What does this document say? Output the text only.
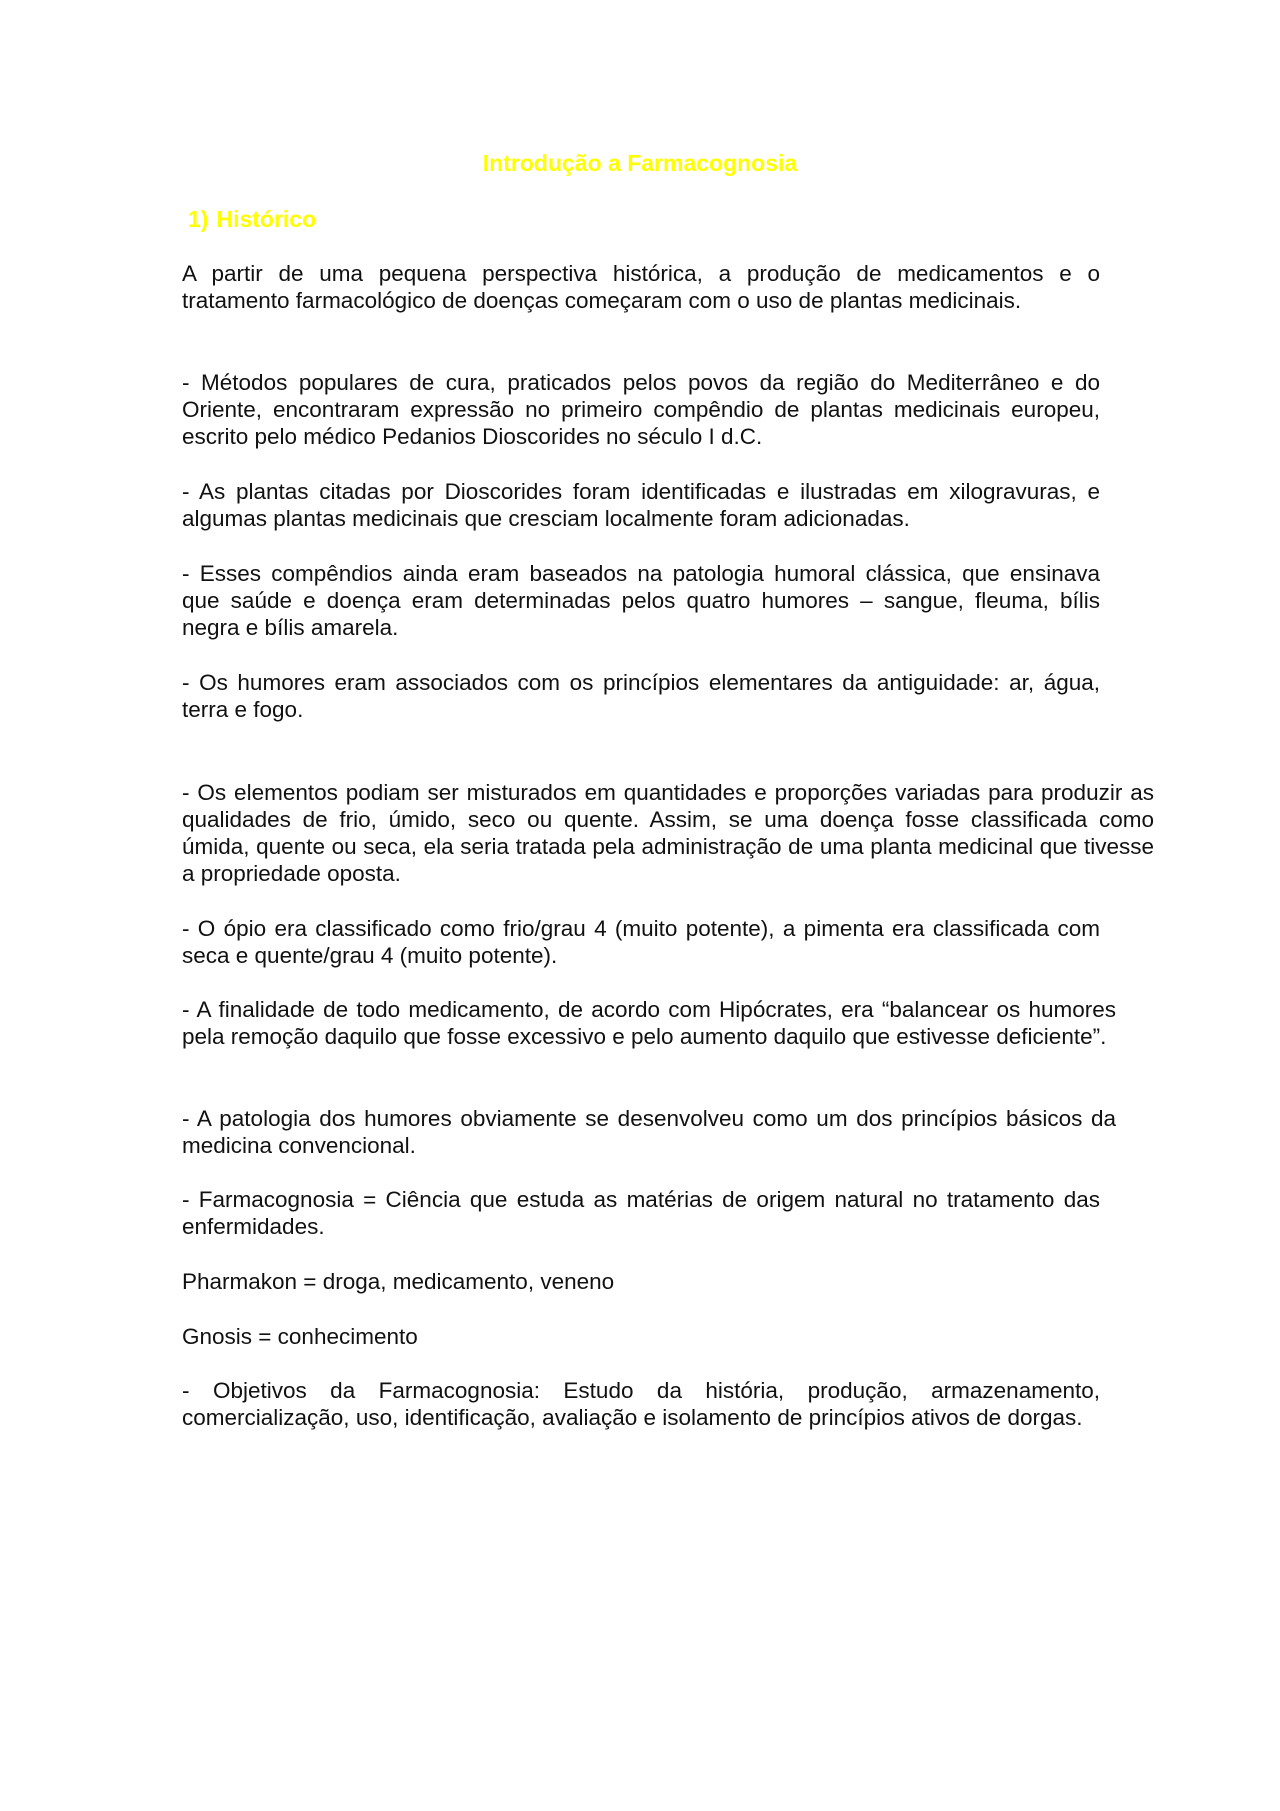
Introdução a Farmacognosia
1) Histórico

A partir de uma pequena perspectiva histórica, a produção de medicamentos e o tratamento farmacológico de doenças começaram com o uso de plantas medicinais.

- Métodos populares de cura, praticados pelos povos da região do Mediterrâneo e do Oriente, encontraram expressão no primeiro compêndio de plantas medicinais europeu, escrito pelo médico Pedanios Dioscorides no século I d.C.

- As plantas citadas por Dioscorides foram identificadas e ilustradas em xilogravuras, e algumas plantas medicinais que cresciam localmente foram adicionadas.

- Esses compêndios ainda eram baseados na patologia humoral clássica, que ensinava que saúde e doença eram determinadas pelos quatro humores – sangue, fleuma, bílis negra e bílis amarela.

- Os humores eram associados com os princípios elementares da antiguidade: ar, água, terra e fogo.

- Os elementos podiam ser misturados em quantidades e proporções variadas para produzir as qualidades de frio, úmido, seco ou quente. Assim, se uma doença fosse classificada como úmida, quente ou seca, ela seria tratada pela administração de uma planta medicinal que tivesse a propriedade oposta.

- O ópio era classificado como frio/grau 4 (muito potente), a pimenta era classificada com seca e quente/grau 4 (muito potente).

- A finalidade de todo medicamento, de acordo com Hipócrates, era “balancear os humores pela remoção daquilo que fosse excessivo e pelo aumento daquilo que estivesse deficiente”.

- A patologia dos humores obviamente se desenvolveu como um dos princípios básicos da medicina convencional.

- Farmacognosia = Ciência que estuda as matérias de origem natural no tratamento das enfermidades.

Pharmakon = droga, medicamento, veneno

Gnosis = conhecimento

- Objetivos da Farmacognosia: Estudo da história, produção, armazenamento, comercialização, uso, identificação, avaliação e isolamento de princípios ativos de dorgas.
